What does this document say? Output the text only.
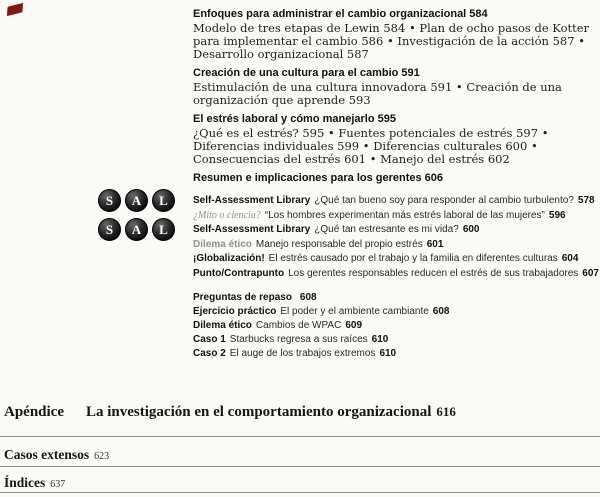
Enfoques para administrar el cambio organizacional 584
Modelo de tres etapas de Lewin 584 • Plan de ocho pasos de Kotter para implementar el cambio 586 • Investigación de la acción 587 • Desarrollo organizacional 587
Creación de una cultura para el cambio 591
Estimulación de una cultura innovadora 591 • Creación de una organización que aprende 593
El estrés laboral y cómo manejarlo 595
¿Qué es el estrés? 595 • Fuentes potenciales de estrés 597 • Diferencias individuales 599 • Diferencias culturales 600 • Consecuencias del estrés 601 • Manejo del estrés 602
Resumen e implicaciones para los gerentes 606
S	A	L	Self-Assessment Library ¿Qué tan bueno soy para responder al cambio turbulento? 578
¿Mito o ciencia? “Los hombres experimentan más estrés laboral de las mujeres” 596
S	A	L	Self-Assessment Library ¿Qué tan estresante es mi vida? 600
Dilema ético Manejo responsable del propio estrés 601
¡Globalización! El estrés causado por el trabajo y la familia en diferentes culturas 604
Punto/Contrapunto Los gerentes responsables reducen el estrés de sus trabajadores 607
Preguntas de repaso 608
Ejercicio práctico El poder y el ambiente cambiante 608
Dilema ético Cambios de WPAC 609
Caso 1 Starbucks regresa a sus raíces 610
Caso 2 El auge de los trabajos extremos 610
Apéndice La investigación en el comportamiento organizacional 616
Casos extensos 623
Índices 637
